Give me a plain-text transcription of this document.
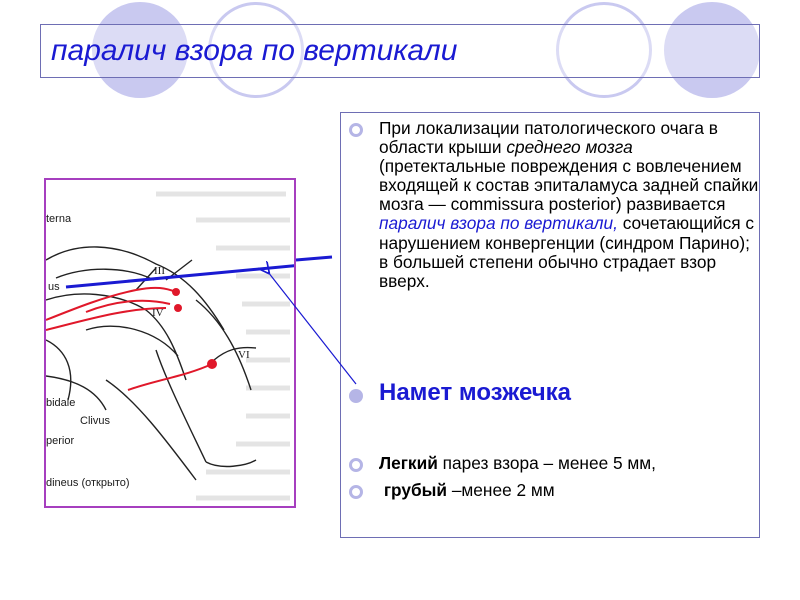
паралич взора по вертикали
При локализации патологического очага в области крыши среднего мозга (претектальные повреждения с вовлечением входящей к состав эпиталамуса задней спайки мозга — commissura posterior) развивается паралич взора по вертикали, сочетающийся с нарушением конвергенции (синдром Парино); в большей степени обычно страдает взор вверх.
Намет мозжечка
Легкий парез взора – менее 5 мм,
грубый –менее 2 мм
terna
us
III
IV
VI
bidale
Clivus
perior
dineus (открыто)
